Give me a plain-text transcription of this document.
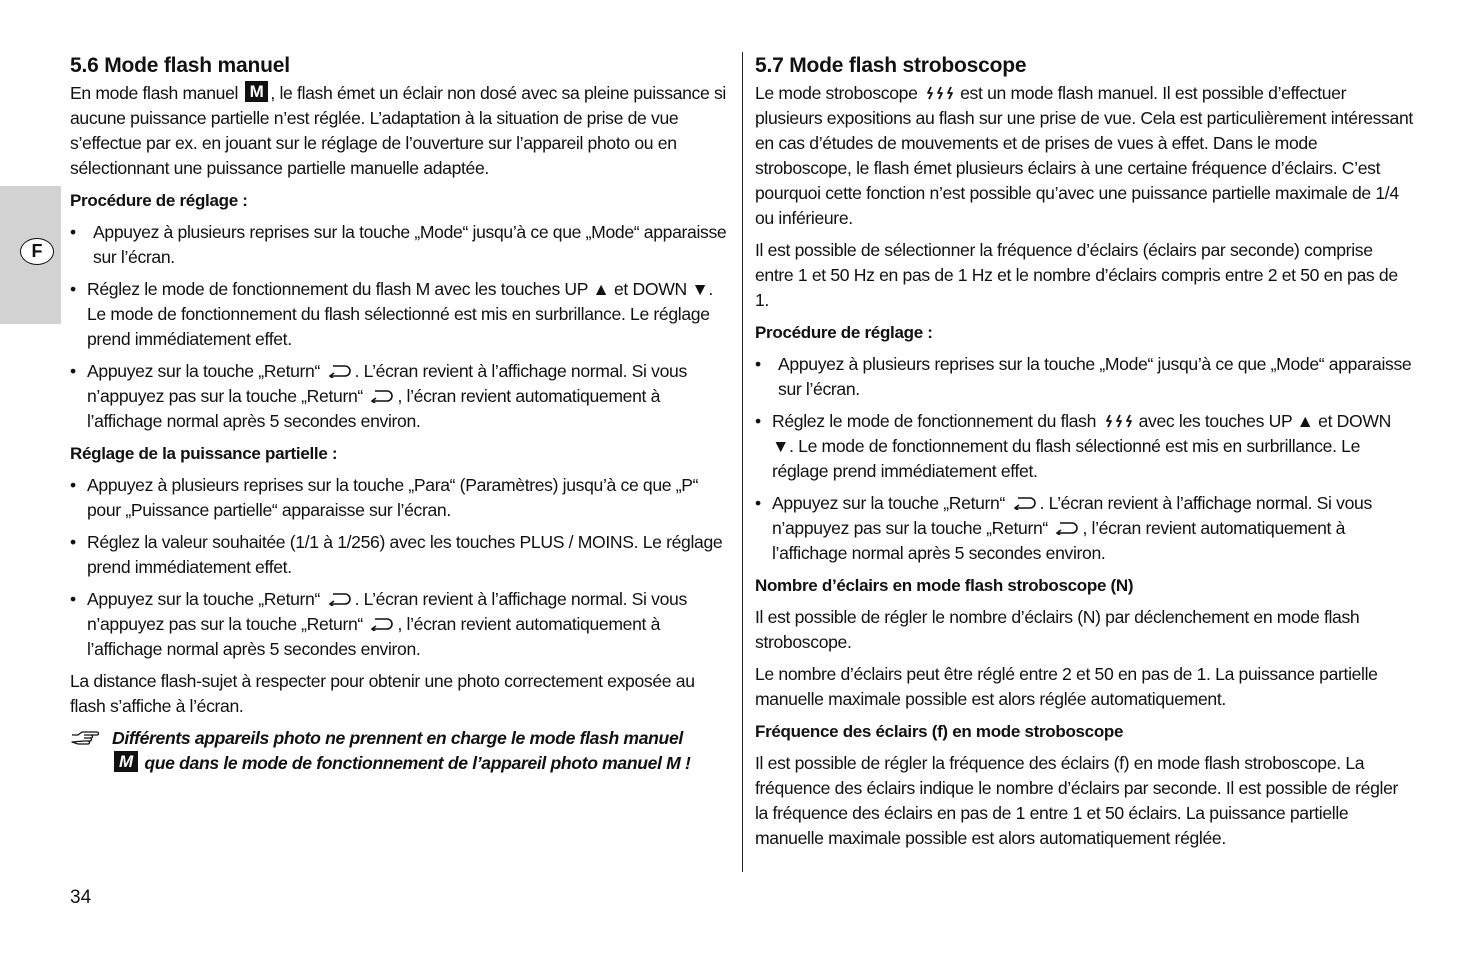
F
5.6 Mode flash manuel

En mode flash manuel M , le flash émet un éclair non dosé avec sa pleine puissance si aucune puissance partielle n’est réglée. L’adaptation à la situation de prise de vue s’effectue par ex. en jouant sur le réglage de l’ouverture sur l’appareil photo ou en sélectionnant une puissance partielle manuelle adaptée.

Procédure de réglage :
• Appuyez à plusieurs reprises sur la touche „Mode“ jusqu’à ce que „Mode“ apparaisse sur l’écran.
• Réglez le mode de fonctionnement du flash M avec les touches UP ▲ et DOWN ▼. Le mode de fonctionnement du flash sélectionné est mis en surbrillance. Le réglage prend immédiatement effet.
• Appuyez sur la touche „Return“ . L’écran revient à l’affichage normal. Si vous n’appuyez pas sur la touche „Return“ , l’écran revient automatiquement à l’affichage normal après 5 secondes environ.
Réglage de la puissance partielle :
• Appuyez à plusieurs reprises sur la touche „Para“ (Paramètres) jusqu’à ce que „P“ pour „Puissance partielle“ apparaisse sur l’écran.
• Réglez la valeur souhaitée (1/1 à 1/256) avec les touches PLUS / MOINS. Le réglage prend immédiatement effet.
• Appuyez sur la touche „Return“ . L’écran revient à l’affichage normal. Si vous n’appuyez pas sur la touche „Return“ , l’écran revient automatiquement à l’affichage normal après 5 secondes environ.

La distance flash-sujet à respecter pour obtenir une photo correctement exposée au flash s’affiche à l’écran.

Différents appareils photo ne prennent en charge le mode flash manuel

M que dans le mode de fonctionnement de l’appareil photo manuel M !

5.7 Mode flash stroboscope

Le mode stroboscope est un mode flash manuel. Il est possible d’effectuer plusieurs expositions au flash sur une prise de vue. Cela est particulièrement intéressant en cas d’études de mouvements et de prises de vues à effet. Dans le mode stroboscope, le flash émet plusieurs éclairs à une certaine fréquence d’éclairs. C’est pourquoi cette fonction n’est possible qu’avec une puissance partielle maximale de 1/4 ou inférieure.

Il est possible de sélectionner la fréquence d’éclairs (éclairs par seconde) comprise entre 1 et 50 Hz en pas de 1 Hz et le nombre d’éclairs compris entre 2 et 50 en pas de 1.

Procédure de réglage :
• Appuyez à plusieurs reprises sur la touche „Mode“ jusqu’à ce que „Mode“ apparaisse sur l’écran.
• Réglez le mode de fonctionnement du flash avec les touches UP ▲ et DOWN ▼. Le mode de fonctionnement du flash sélectionné est mis en surbrillance. Le réglage prend immédiatement effet.
• Appuyez sur la touche „Return“ . L’écran revient à l’affichage normal. Si vous n’appuyez pas sur la touche „Return“ , l’écran revient automatiquement à l’affichage normal après 5 secondes environ.
Nombre d’éclairs en mode flash stroboscope (N)

Il est possible de régler le nombre d’éclairs (N) par déclenchement en mode flash stroboscope.

Le nombre d’éclairs peut être réglé entre 2 et 50 en pas de 1. La puissance partielle manuelle maximale possible est alors réglée automatiquement.

Fréquence des éclairs (f) en mode stroboscope

Il est possible de régler la fréquence des éclairs (f) en mode flash stroboscope. La fréquence des éclairs indique le nombre d’éclairs par seconde. Il est possible de régler la fréquence des éclairs en pas de 1 entre 1 et 50 éclairs. La puissance partielle manuelle maximale possible est alors automatiquement réglée.

34
